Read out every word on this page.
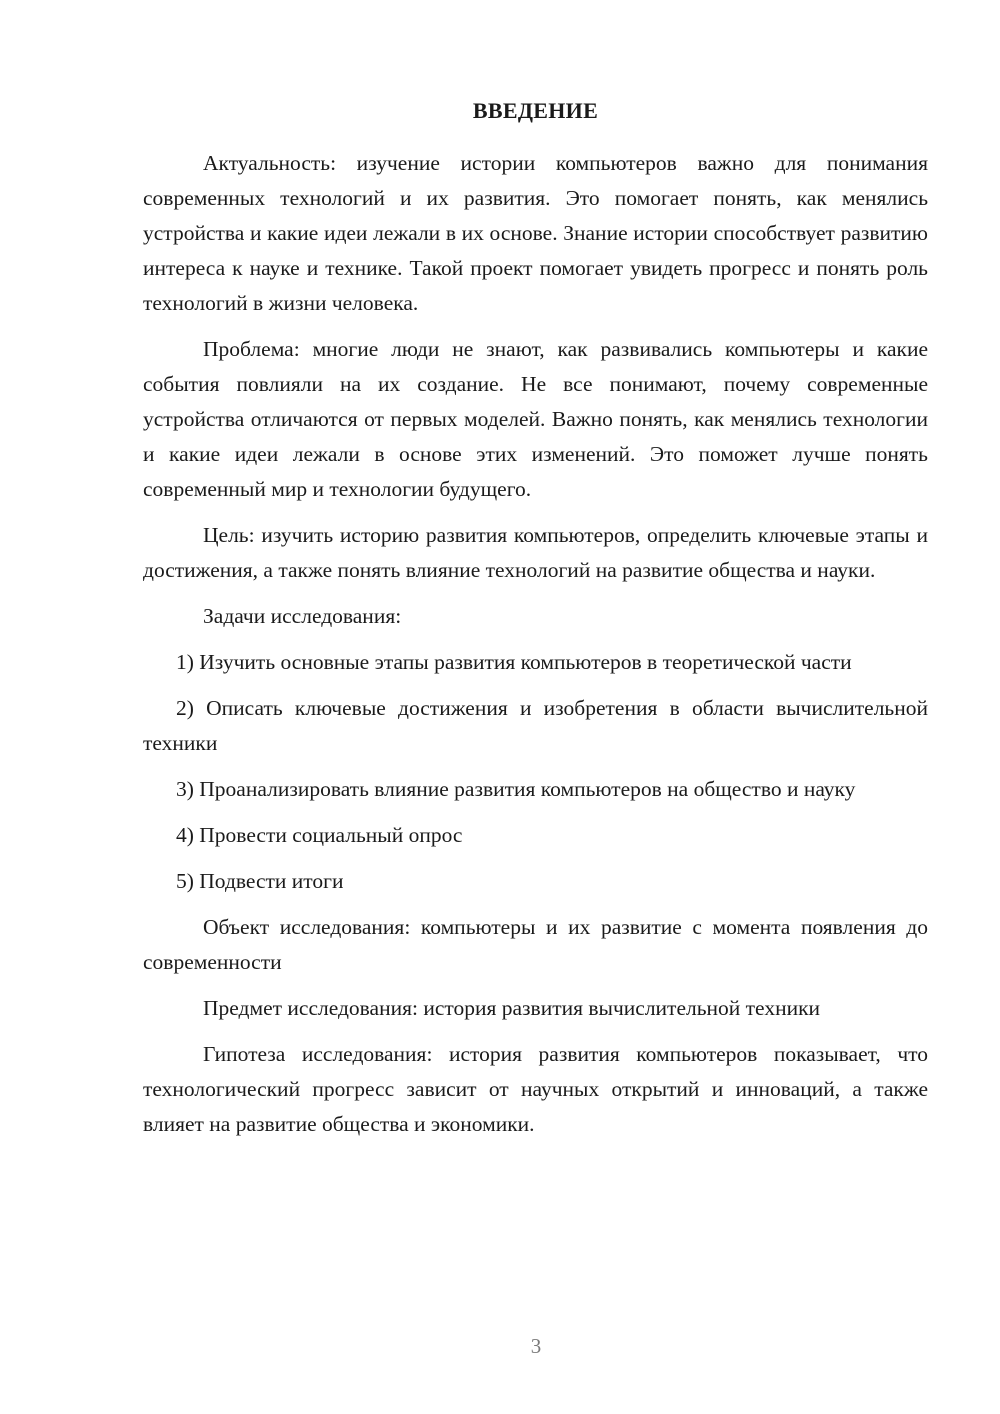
ВВЕДЕНИЕ

Актуальность: изучение истории компьютеров важно для понимания современных технологий и их развития. Это помогает понять, как менялись устройства и какие идеи лежали в их основе. Знание истории способствует развитию интереса к науке и технике. Такой проект помогает увидеть прогресс и понять роль технологий в жизни человека.

Проблема: многие люди не знают, как развивались компьютеры и какие события повлияли на их создание. Не все понимают, почему современные устройства отличаются от первых моделей. Важно понять, как менялись технологии и какие идеи лежали в основе этих изменений. Это поможет лучше понять современный мир и технологии будущего.

Цель: изучить историю развития компьютеров, определить ключевые этапы и достижения, а также понять влияние технологий на развитие общества и науки.

Задачи исследования:

1) Изучить основные этапы развития компьютеров в теоретической части

2) Описать ключевые достижения и изобретения в области вычислительной техники

3) Проанализировать влияние развития компьютеров на общество и науку

4) Провести социальный опрос

5) Подвести итоги

Объект исследования: компьютеры и их развитие с момента появления до современности

Предмет исследования: история развития вычислительной техники

Гипотеза исследования: история развития компьютеров показывает, что технологический прогресс зависит от научных открытий и инноваций, а также влияет на развитие общества и экономики.

3
